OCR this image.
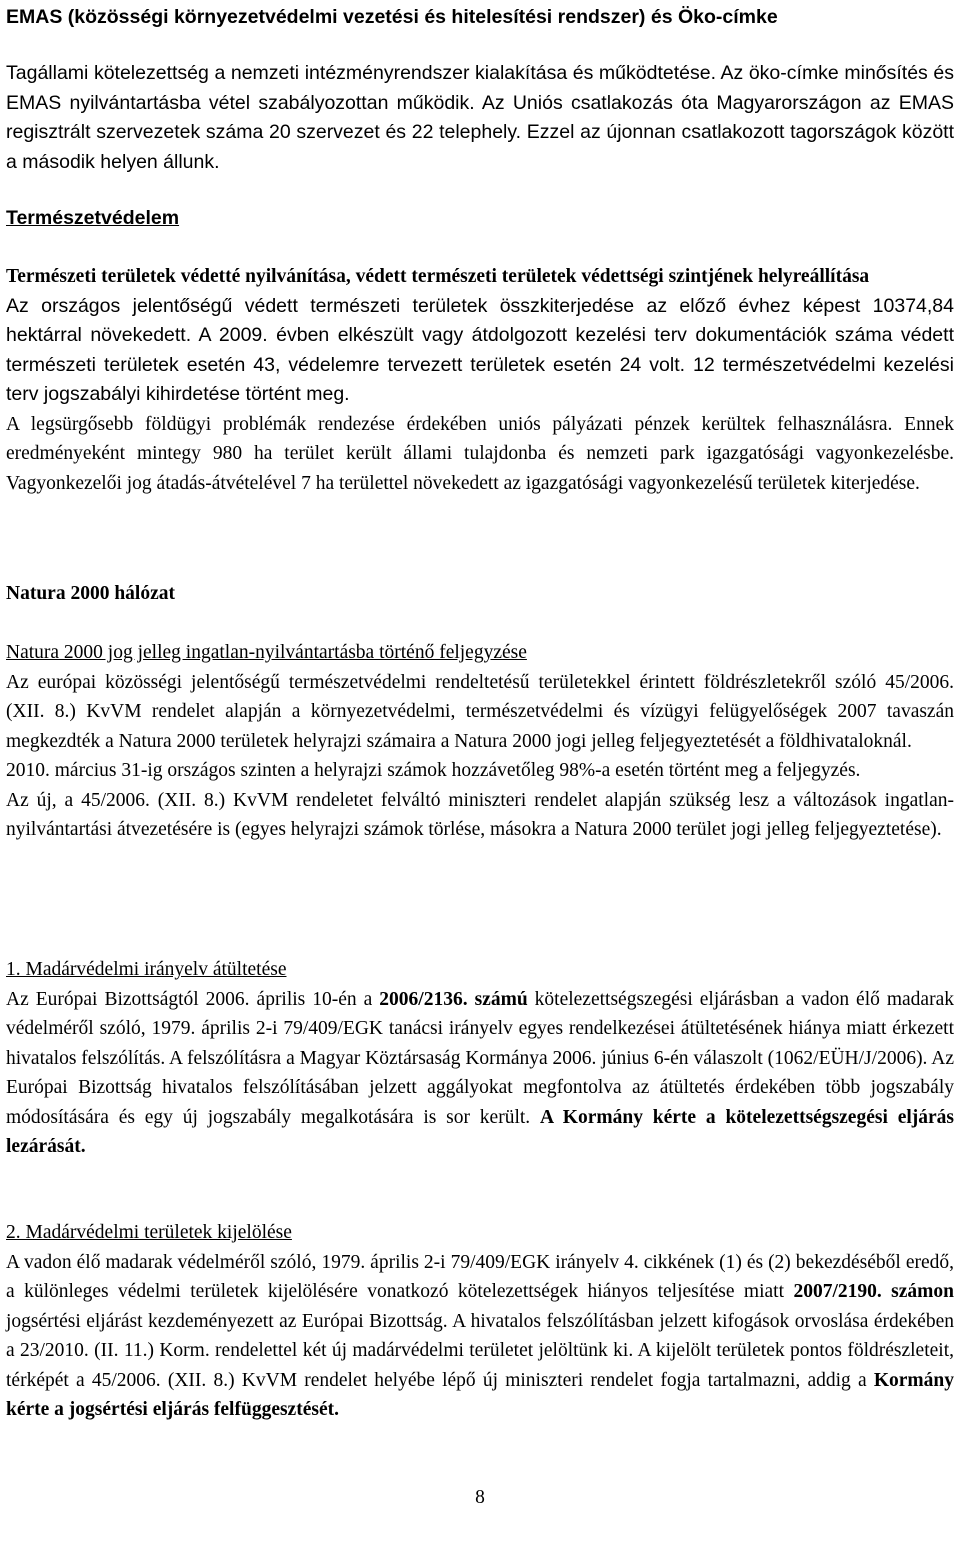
EMAS (közösségi környezetvédelmi vezetési és hitelesítési rendszer) és Öko-címke

Tagállami kötelezettség a nemzeti intézményrendszer kialakítása és működtetése. Az öko-címke minősítés és EMAS nyilvántartásba vétel szabályozottan működik. Az Uniós csatlakozás óta Magyarországon az EMAS regisztrált szervezetek száma 20 szervezet és 22 telephely. Ezzel az újonnan csatlakozott tagországok között a második helyen állunk.

Természetvédelem

Természeti területek védetté nyilvánítása, védett természeti területek védettségi szintjének helyreállítása

Az országos jelentőségű védett természeti területek összkiterjedése az előző évhez képest 10374,84 hektárral növekedett. A 2009. évben elkészült vagy átdolgozott kezelési terv dokumentációk száma védett természeti területek esetén 43, védelemre tervezett területek esetén 24 volt. 12 természetvédelmi kezelési terv jogszabályi kihirdetése történt meg.

A legsürgősebb földügyi problémák rendezése érdekében uniós pályázati pénzek kerültek felhasználásra. Ennek eredményeként mintegy 980 ha terület került állami tulajdonba és nemzeti park igazgatósági vagyonkezelésbe. Vagyonkezelői jog átadás-átvételével 7 ha területtel növekedett az igazgatósági vagyonkezelésű területek kiterjedése.

Natura 2000 hálózat

Natura 2000 jog jelleg ingatlan-nyilvántartásba történő feljegyzése

Az európai közösségi jelentőségű természetvédelmi rendeltetésű területekkel érintett földrészletekről szóló 45/2006. (XII. 8.) KvVM rendelet alapján a környezetvédelmi, természetvédelmi és vízügyi felügyelőségek 2007 tavaszán megkezdték a Natura 2000 területek helyrajzi számaira a Natura 2000 jogi jelleg feljegyeztetését a földhivataloknál.

2010. március 31-ig országos szinten a helyrajzi számok hozzávetőleg 98%-a esetén történt meg a feljegyzés.

Az új, a 45/2006. (XII. 8.) KvVM rendeletet felváltó miniszteri rendelet alapján szükség lesz a változások ingatlan-nyilvántartási átvezetésére is (egyes helyrajzi számok törlése, másokra a Natura 2000 terület jogi jelleg feljegyeztetése).

1. Madárvédelmi irányelv átültetése

Az Európai Bizottságtól 2006. április 10-én a 2006/2136. számú kötelezettségszegési eljárásban a vadon élő madarak védelméről szóló, 1979. április 2-i 79/409/EGK tanácsi irányelv egyes rendelkezései átültetésének hiánya miatt érkezett hivatalos felszólítás. A felszólításra a Magyar Köztársaság Kormánya 2006. június 6-én válaszolt (1062/EÜH/J/2006). Az Európai Bizottság hivatalos felszólításában jelzett aggályokat megfontolva az átültetés érdekében több jogszabály módosítására és egy új jogszabály megalkotására is sor került. A Kormány kérte a kötelezettségszegési eljárás lezárását.

2. Madárvédelmi területek kijelölése

A vadon élő madarak védelméről szóló, 1979. április 2-i 79/409/EGK irányelv 4. cikkének (1) és (2) bekezdéséből eredő, a különleges védelmi területek kijelölésére vonatkozó kötelezettségek hiányos teljesítése miatt 2007/2190. számon jogsértési eljárást kezdeményezett az Európai Bizottság. A hivatalos felszólításban jelzett kifogások orvoslása érdekében a 23/2010. (II. 11.) Korm. rendelettel két új madárvédelmi területet jelöltünk ki. A kijelölt területek pontos földrészleteit, térképét a 45/2006. (XII. 8.) KvVM rendelet helyébe lépő új miniszteri rendelet fogja tartalmazni, addig a Kormány kérte a jogsértési eljárás felfüggesztését.

8
